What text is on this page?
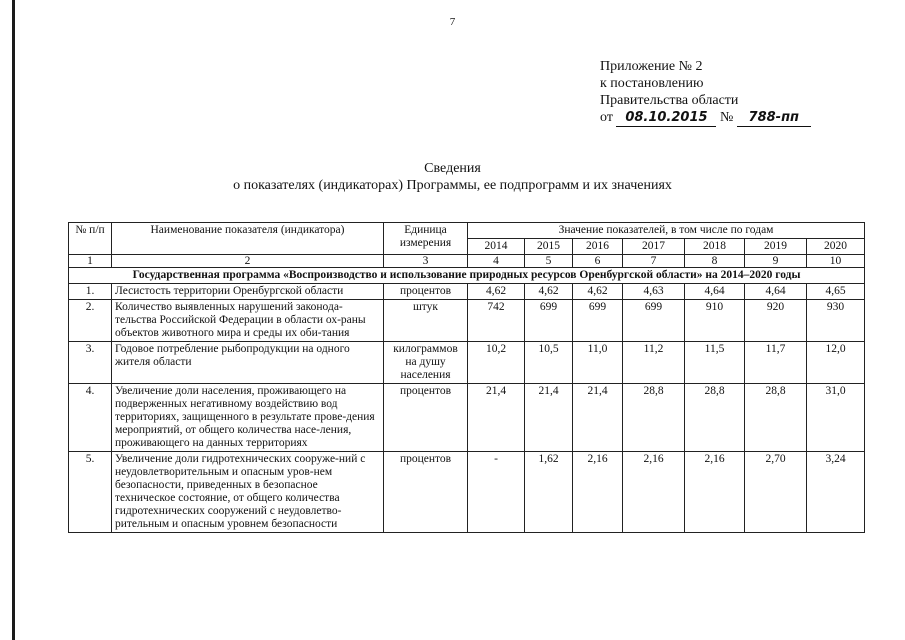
7
Приложение № 2
к постановлению
Правительства области
от 08.10.2015 № 788-пп
Сведения
о показателях (индикаторах) Программы, ее подпрограмм и их значениях
№ п/п	Наименование показателя (индикатора)	Единица измерения	Значение показателей, в том числе по годам						
			2014	2015	2016	2017	2018	2019	2020
1	2	3	4	5	6	7	8	9	10
Государственная программа «Воспроизводство и использование природных ресурсов Оренбургской области» на 2014–2020 годы									
1.	Лесистость территории Оренбургской области	процентов	4,62	4,62	4,62	4,63	4,64	4,64	4,65
2.	Количество выявленных нарушений законода-тельства Российской Федерации в области ох-раны объектов животного мира и среды их оби-тания	штук	742	699	699	699	910	920	930
3.	Годовое потребление рыбопродукции на одного жителя области	килограммов на душу населения	10,2	10,5	11,0	11,2	11,5	11,7	12,0
4.	Увеличение доли населения, проживающего на подверженных негативному воздействию вод территориях, защищенного в результате прове-дения мероприятий, от общего количества насе-ления, проживающего на данных территориях	процентов	21,4	21,4	21,4	28,8	28,8	28,8	31,0
5.	Увеличение доли гидротехнических сооруже-ний с неудовлетворительным и опасным уров-нем безопасности, приведенных в безопасное техническое состояние, от общего количества гидротехнических сооружений с неудовлетво-рительным и опасным уровнем безопасности	процентов	-	1,62	2,16	2,16	2,16	2,70	3,24
